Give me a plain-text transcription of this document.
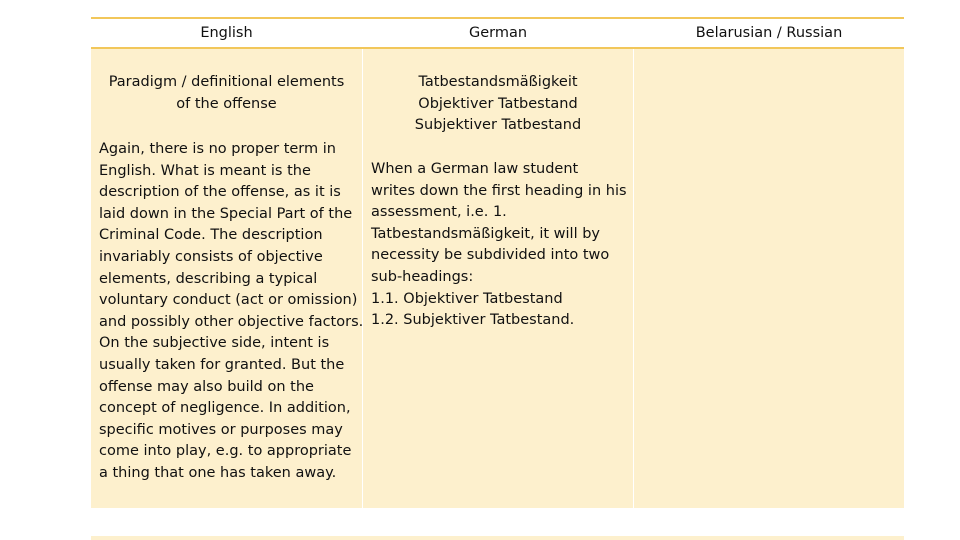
English	German	Belarusian / Russian
Paradigm / definitional elements
of the offense
Again, there is no proper term in English. What is meant is the description of the offense, as it is laid down in the Special Part of the Criminal Code. The description invariably consists of objective elements, describing a typical voluntary conduct (act or omission) and possibly other objective factors. On the subjective side, intent is usually taken for granted. But the offense may also build on the concept of negligence. In addition, specific motives or purposes may come into play, e.g. to appropriate a thing that one has taken away.
Tatbestandsmäßigkeit
Objektiver Tatbestand
Subjektiver Tatbestand
When a German law student
writes down the first heading in his
assessment, i.e. 1.
Tatbestandsmäßigkeit, it will by
necessity be subdivided into two
sub-headings:
1.1. Objektiver Tatbestand
1.2. Subjektiver Tatbestand.
